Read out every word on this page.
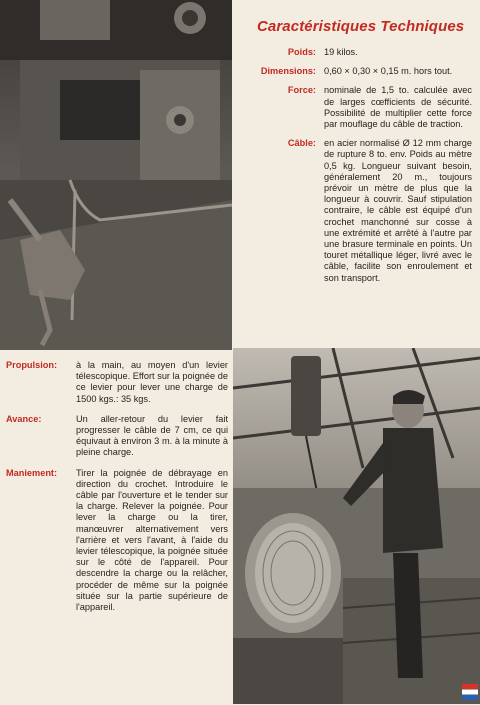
Caractéristiques Techniques
Poids: 19 kilos.
Dimensions: 0,60 × 0,30 × 0,15 m. hors tout.
Force: nominale de 1,5 to. calculée avec de larges cœfficients de sécurité. Possibilité de multiplier cette force par mouflage du câble de traction.
Câble: en acier normalisé Ø 12 mm charge de rupture 8 to. env. Poids au mètre 0,5 kg. Longueur suivant besoin, généralement 20 m., toujours prévoir un mètre de plus que la longueur à couvrir. Sauf stipulation contraire, le câble est équipé d'un crochet manchonné sur cosse à une extrémité et arrêté à l'autre par une brasure terminale en points. Un touret métallique léger, livré avec le câble, facilite son enroulement et son transport.
Propulsion:	à la main, au moyen d'un levier télescopique. Effort sur la poignée de ce levier pour lever une charge de 1500 kgs.: 35 kgs.
Avance:	Un aller-retour du levier fait progresser le câble de 7 cm, ce qui équivaut à environ 3 m. à la minute à pleine charge.
Maniement:	Tirer la poignée de débrayage en direction du crochet. Introduire le câble par l'ouverture et le tender sur la charge. Relever la poignée. Pour lever la charge ou la tirer, manœuvrer alternativement vers l'arrière et vers l'avant, à l'aide du levier télescopique, la poignée située sur le côté de l'appareil. Pour descendre la charge ou la relâcher, procéder de même sur la poignée située sur la partie supérieure de l'appareil.
